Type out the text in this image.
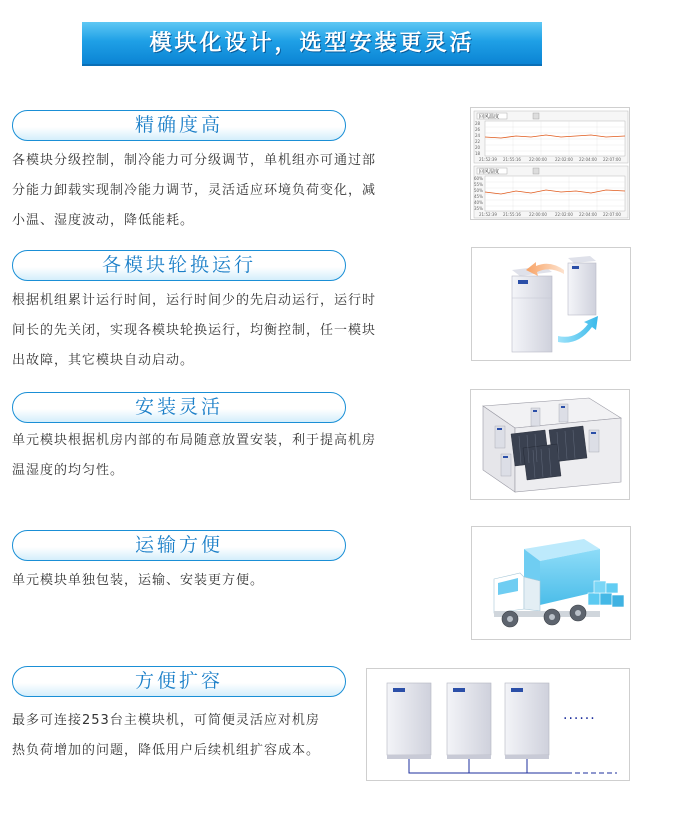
模块化设计，选型安装更灵活
精确度高
各模块分级控制，制冷能力可分级调节，单机组亦可通过部
分能力卸载实现制冷能力调节，灵活适应环境负荷变化，减
小温、湿度波动，降低能耗。
各模块轮换运行
根据机组累计运行时间，运行时间少的先启动运行，运行时
间长的先关闭，实现各模块轮换运行，均衡控制，任一模块
出故障，其它模块自动启动。
安装灵活
单元模块根据机房内部的布局随意放置安装，利于提高机房
温湿度的均匀性。
运输方便
单元模块单独包装，运输、安装更方便。
方便扩容
最多可连接253台主模块机，可简便灵活应对机房
热负荷增加的问题，降低用户后续机组扩容成本。
回风温度
28
26
24
22
20
18
21:52:39 21:55:16 22:00:00 22:02:00 22:04:00 22:07:00
回风湿度
60%
55%
50%
45%
40%
35%
21:52:39 21:55:16 22:00:00 22:02:00 22:04:00 22:07:00
······
